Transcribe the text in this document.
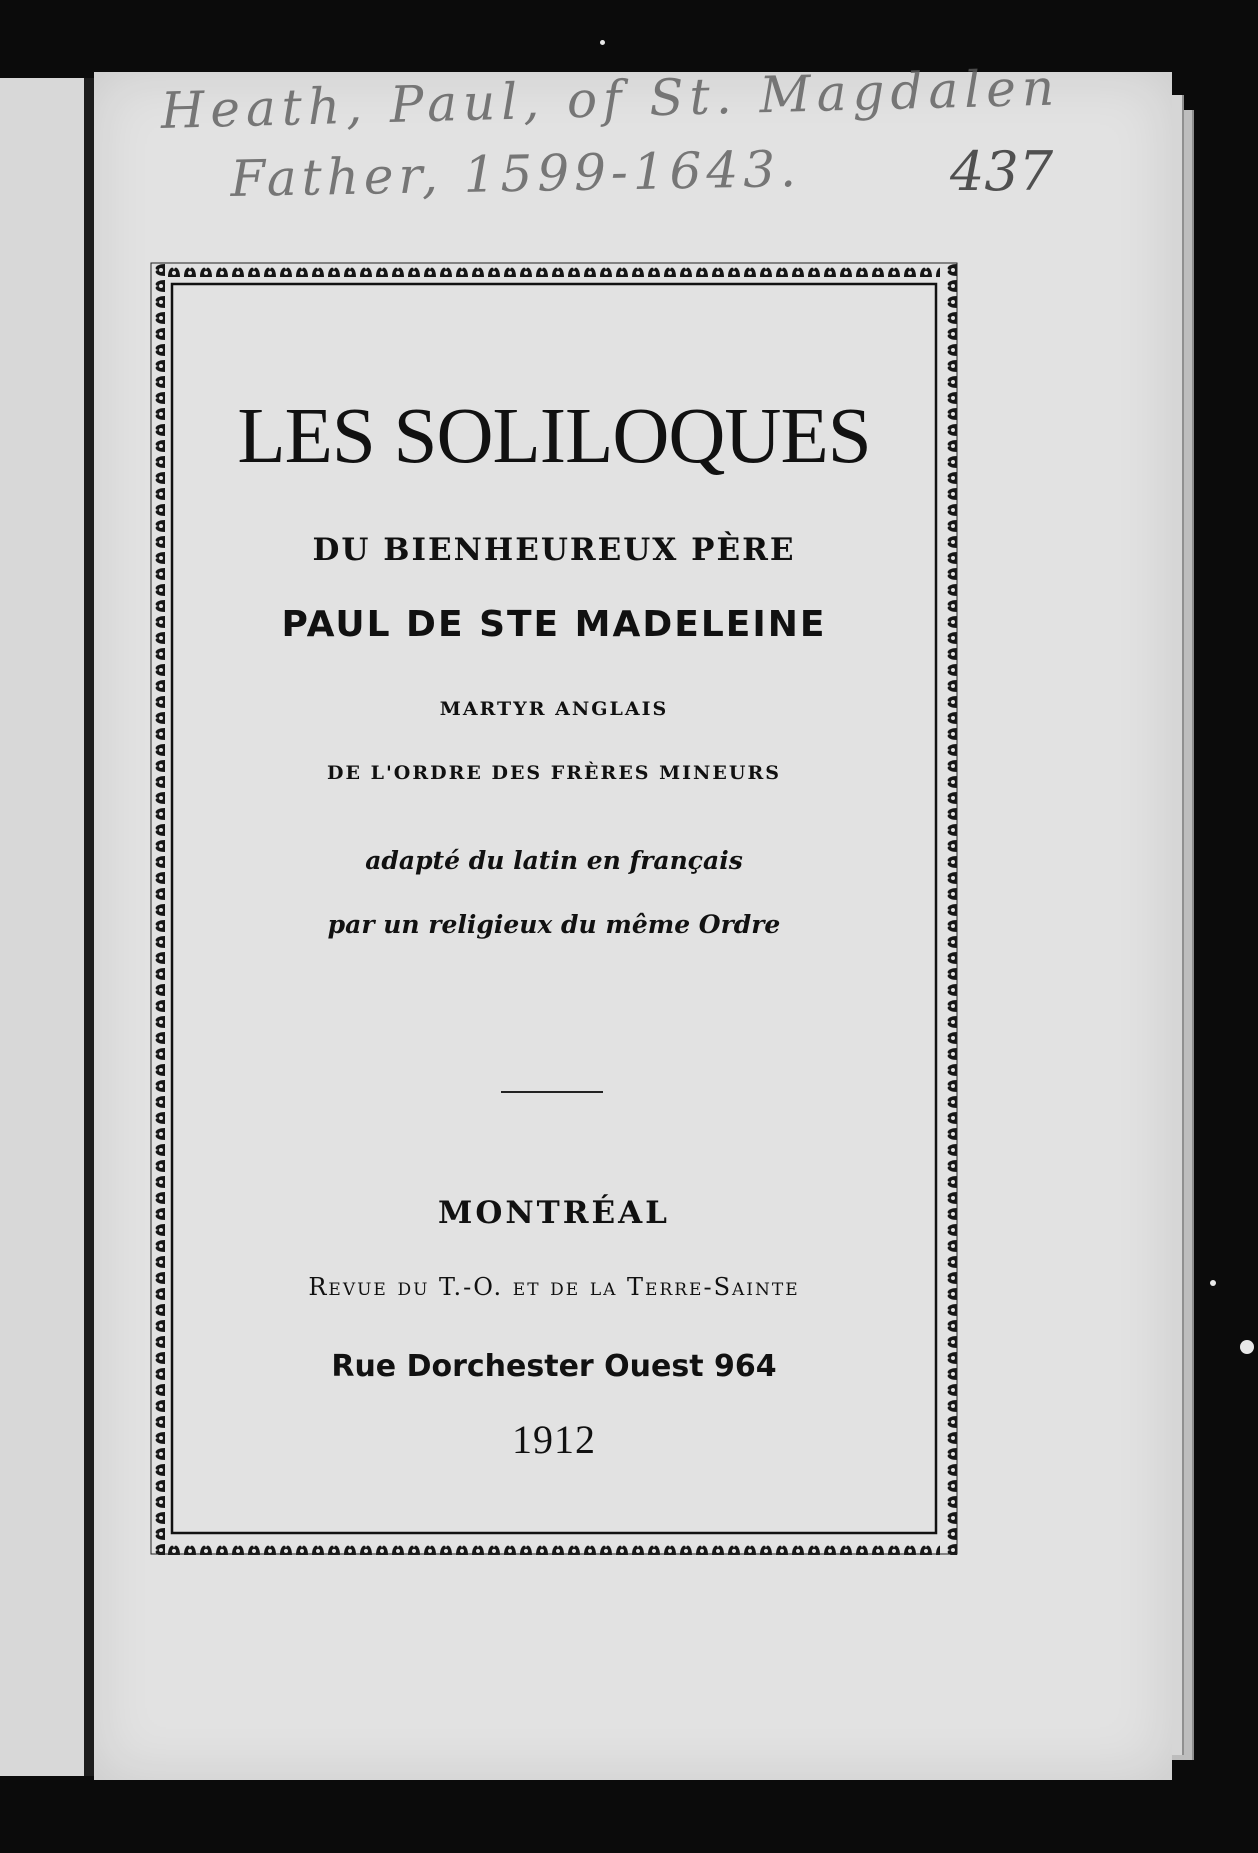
Heath, Paul, of St. Magdalen
Father, 1599-1643.	437
LES SOLILOQUES
DU BIENHEUREUX PÈRE
PAUL DE STE MADELEINE
MARTYR ANGLAIS
DE L'ORDRE DES FRÈRES MINEURS
adapté du latin en français
par un religieux du même Ordre
MONTRÉAL
Revue du T.-O. et de la Terre-Sainte
Rue Dorchester Ouest 964
1912
